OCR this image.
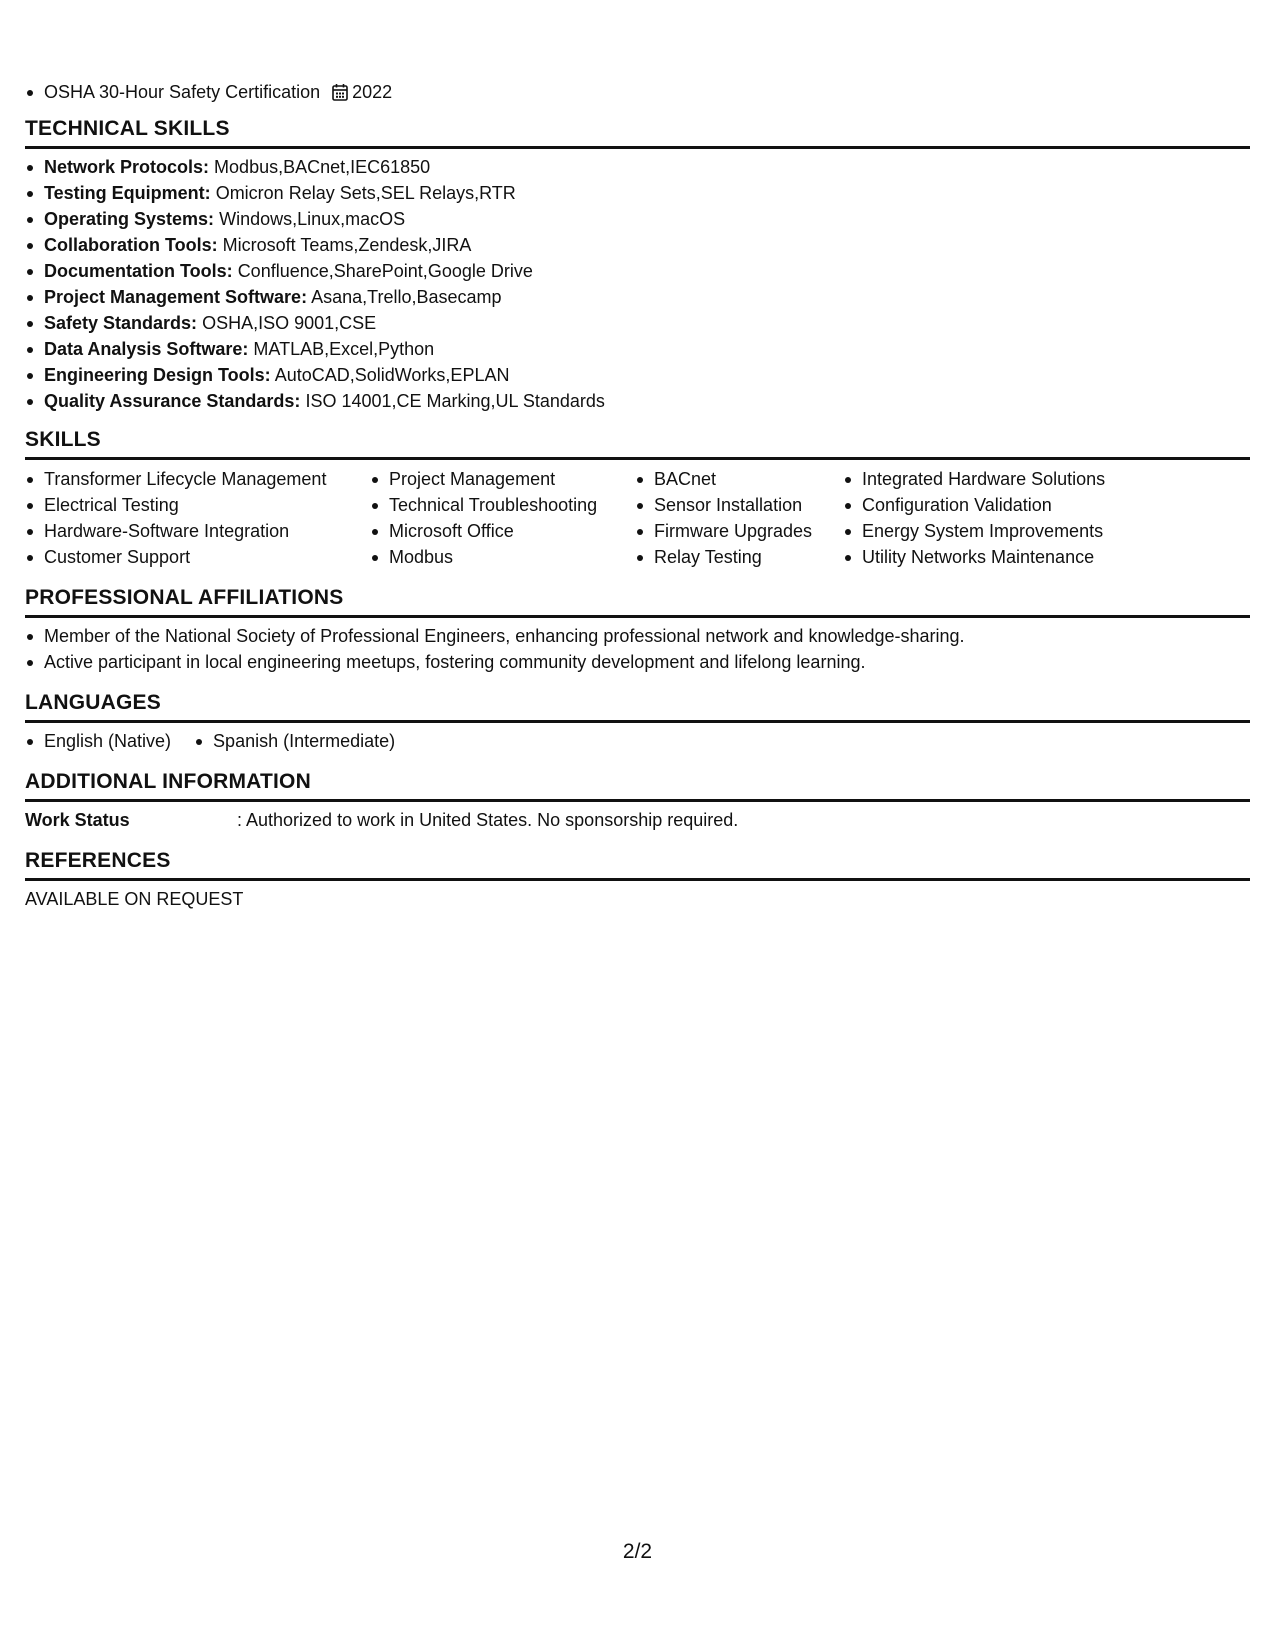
OSHA 30-Hour Safety Certification 2022
TECHNICAL SKILLS
Network Protocols: Modbus,BACnet,IEC61850
Testing Equipment: Omicron Relay Sets,SEL Relays,RTR
Operating Systems: Windows,Linux,macOS
Collaboration Tools: Microsoft Teams,Zendesk,JIRA
Documentation Tools: Confluence,SharePoint,Google Drive
Project Management Software: Asana,Trello,Basecamp
Safety Standards: OSHA,ISO 9001,CSE
Data Analysis Software: MATLAB,Excel,Python
Engineering Design Tools: AutoCAD,SolidWorks,EPLAN
Quality Assurance Standards: ISO 14001,CE Marking,UL Standards
SKILLS
Transformer Lifecycle Management
Electrical Testing
Hardware-Software Integration
Customer Support
Project Management
Technical Troubleshooting
Microsoft Office
Modbus
BACnet
Sensor Installation
Firmware Upgrades
Relay Testing
Integrated Hardware Solutions
Configuration Validation
Energy System Improvements
Utility Networks Maintenance
PROFESSIONAL AFFILIATIONS
Member of the National Society of Professional Engineers, enhancing professional network and knowledge-sharing.
Active participant in local engineering meetups, fostering community development and lifelong learning.
LANGUAGES
English (Native)	Spanish (Intermediate)
ADDITIONAL INFORMATION
Work Status	: Authorized to work in United States. No sponsorship required.
REFERENCES
AVAILABLE ON REQUEST
2/2
